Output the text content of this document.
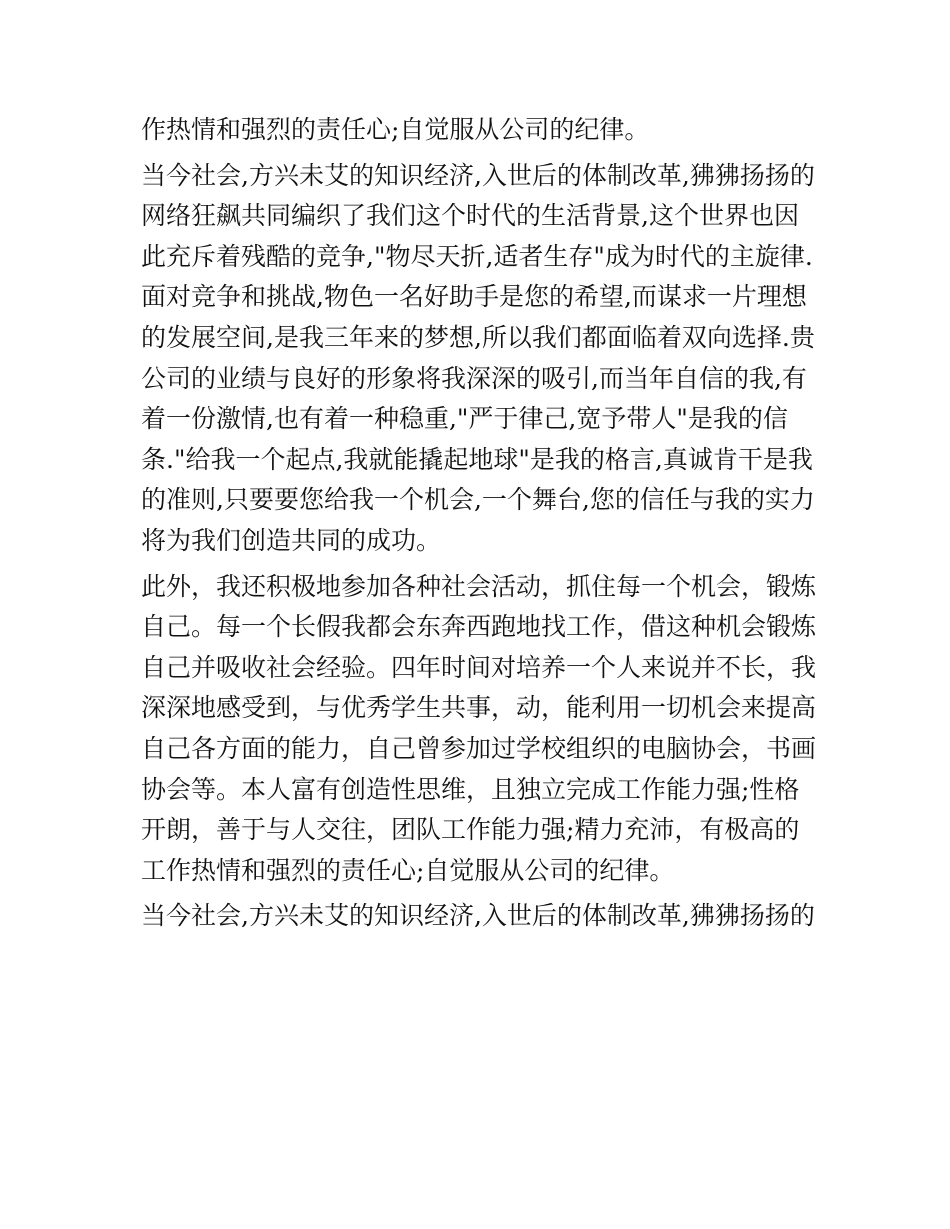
作热情和强烈的责任心;自觉服从公司的纪律。
当今社会,方兴未艾的知识经济,入世后的体制改革,狒狒扬扬的
网络狂飙共同编织了我们这个时代的生活背景,这个世界也因
此充斥着残酷的竞争,"物尽天折,适者生存"成为时代的主旋律.
面对竞争和挑战,物色一名好助手是您的希望,而谋求一片理想
的发展空间,是我三年来的梦想,所以我们都面临着双向选择.贵
公司的业绩与良好的形象将我深深的吸引,而当年自信的我,有
着一份激情,也有着一种稳重,"严于律己,宽予带人"是我的信
条."给我一个起点,我就能撬起地球"是我的格言,真诚肯干是我
的准则,只要要您给我一个机会,一个舞台,您的信任与我的实力
将为我们创造共同的成功。
此外，我还积极地参加各种社会活动，抓住每一个机会，锻炼
自己。每一个长假我都会东奔西跑地找工作，借这种机会锻炼
自己并吸收社会经验。四年时间对培养一个人来说并不长，我
深深地感受到，与优秀学生共事，动，能利用一切机会来提高
自己各方面的能力，自己曾参加过学校组织的电脑协会，书画
协会等。本人富有创造性思维，且独立完成工作能力强;性格
开朗，善于与人交往，团队工作能力强;精力充沛，有极高的
工作热情和强烈的责任心;自觉服从公司的纪律。
当今社会,方兴未艾的知识经济,入世后的体制改革,狒狒扬扬的
